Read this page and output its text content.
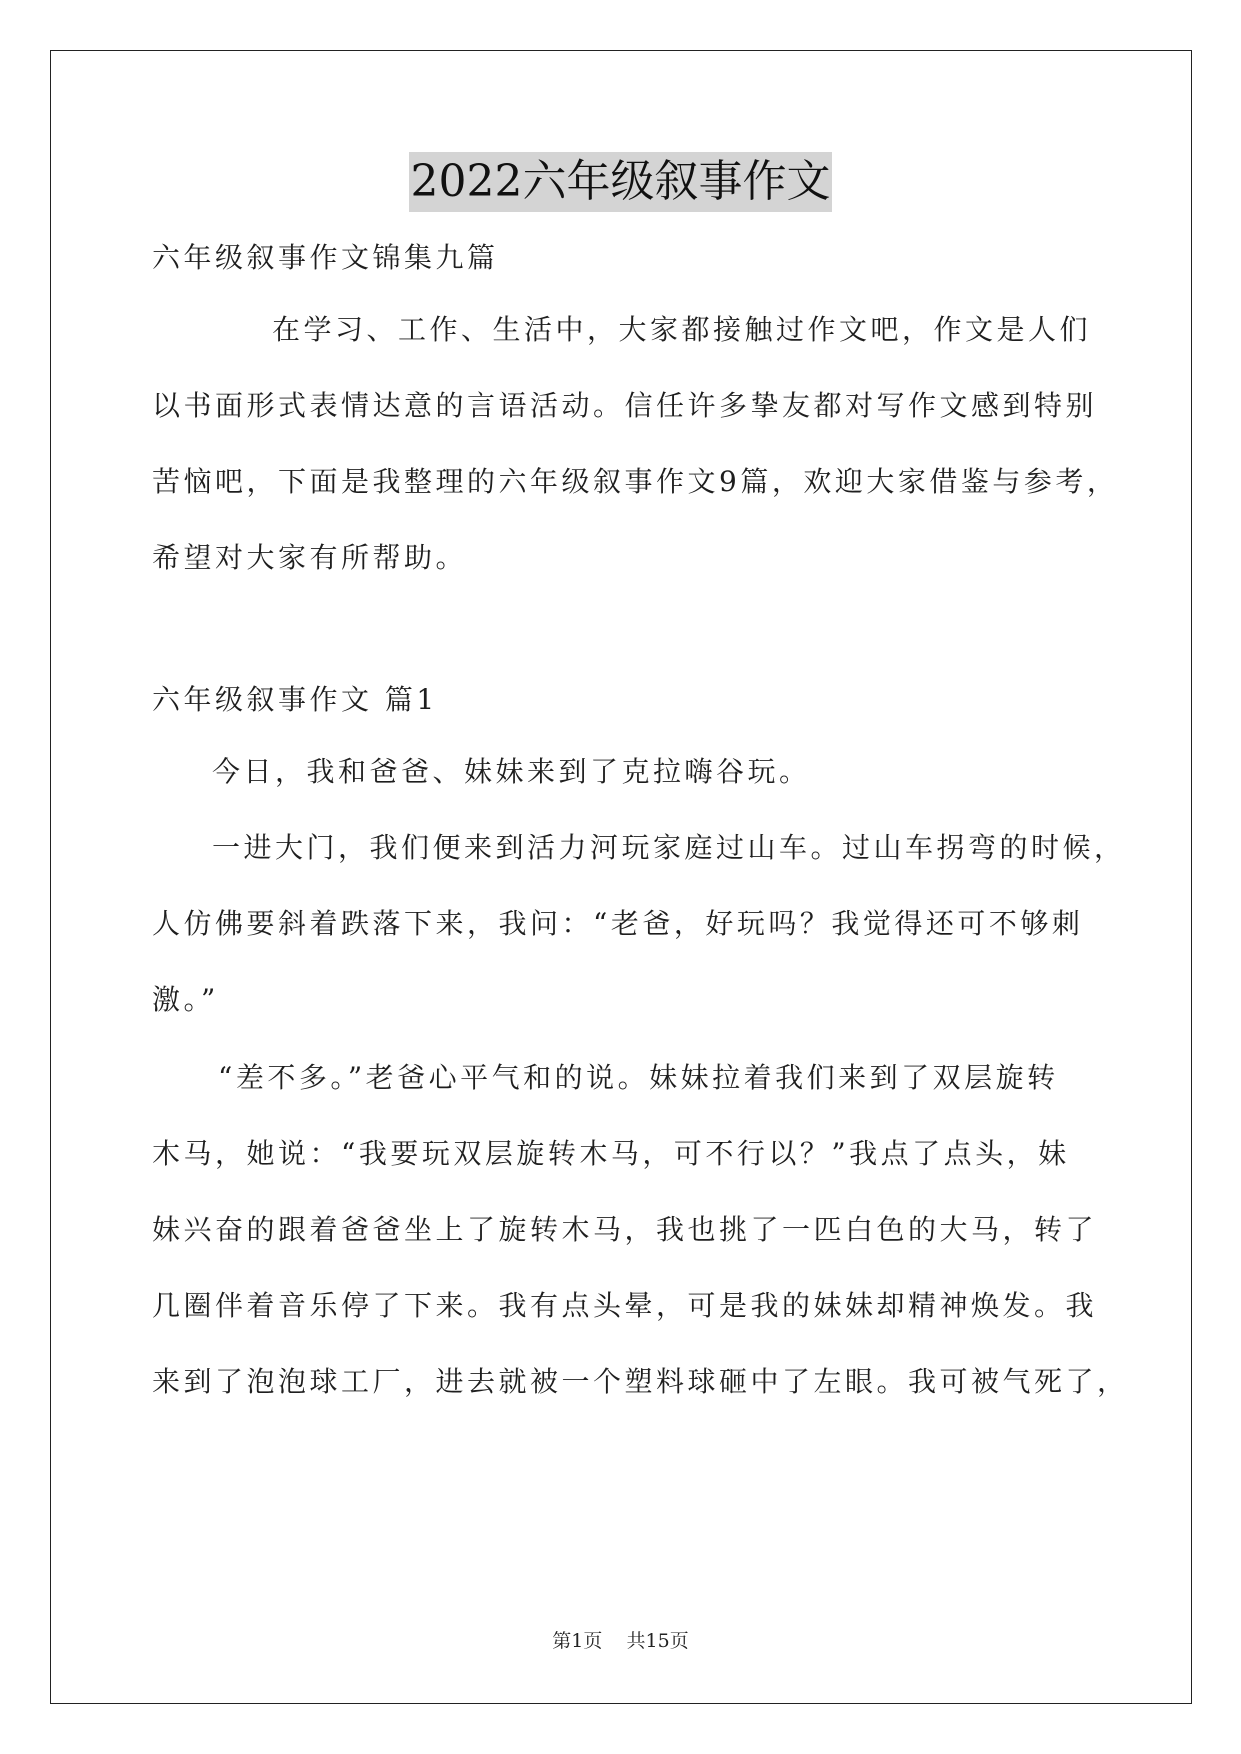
2022六年级叙事作文
六年级叙事作文锦集九篇
在学习、工作、生活中，大家都接触过作文吧，作文是人们
以书面形式表情达意的言语活动。信任许多挚友都对写作文感到特别
苦恼吧，下面是我整理的六年级叙事作文9篇，欢迎大家借鉴与参考，
希望对大家有所帮助。
六年级叙事作文 篇1
今日，我和爸爸、妹妹来到了克拉嗨谷玩。
一进大门，我们便来到活力河玩家庭过山车。过山车拐弯的时候，
人仿佛要斜着跌落下来，我问：“老爸，好玩吗？我觉得还可不够刺
激。”
“差不多。”老爸心平气和的说。妹妹拉着我们来到了双层旋转
木马，她说：“我要玩双层旋转木马，可不行以？”我点了点头，妹
妹兴奋的跟着爸爸坐上了旋转木马，我也挑了一匹白色的大马，转了
几圈伴着音乐停了下来。我有点头晕，可是我的妹妹却精神焕发。我
来到了泡泡球工厂，进去就被一个塑料球砸中了左眼。我可被气死了，
第1页 共15页
